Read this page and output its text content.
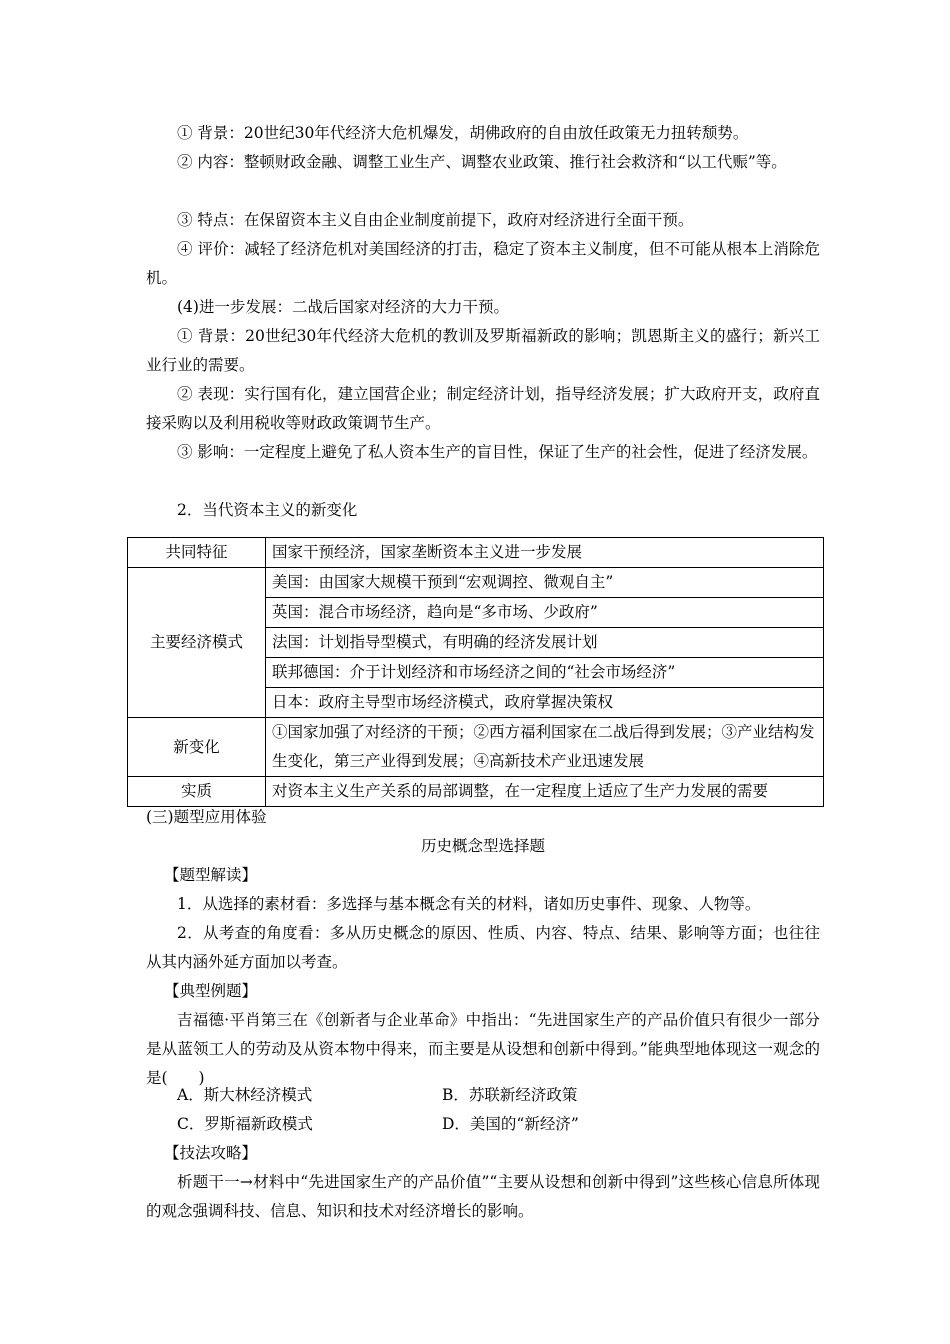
① 背景：20世纪30年代经济大危机爆发，胡佛政府的自由放任政策无力扭转颓势。

② 内容：整顿财政金融、调整工业生产、调整农业政策、推行社会救济和“以工代赈”等。

③ 特点：在保留资本主义自由企业制度前提下，政府对经济进行全面干预。

④ 评价：减轻了经济危机对美国经济的打击，稳定了资本主义制度，但不可能从根本上消除危机。

(4)进一步发展：二战后国家对经济的大力干预。

① 背景：20世纪30年代经济大危机的教训及罗斯福新政的影响；凯恩斯主义的盛行；新兴工业行业的需要。

② 表现：实行国有化，建立国营企业；制定经济计划，指导经济发展；扩大政府开支，政府直接采购以及利用税收等财政政策调节生产。

③ 影响：一定程度上避免了私人资本生产的盲目性，保证了生产的社会性，促进了经济发展。

2．当代资本主义的新变化

共同特征	国家干预经济，国家垄断资本主义进一步发展
主要经济模式	美国：由国家大规模干预到“宏观调控、微观自主”
	英国：混合市场经济，趋向是“多市场、少政府”
	法国：计划指导型模式，有明确的经济发展计划
	联邦德国：介于计划经济和市场经济之间的“社会市场经济”
	日本：政府主导型市场经济模式，政府掌握决策权
新变化	①国家加强了对经济的干预；②西方福利国家在二战后得到发展；③产业结构发生变化，第三产业得到发展；④高新技术产业迅速发展
实质	对资本主义生产关系的局部调整，在一定程度上适应了生产力发展的需要

(三)题型应用体验

历史概念型选择题

【题型解读】

1．从选择的素材看：多选择与基本概念有关的材料，诸如历史事件、现象、人物等。

2．从考查的角度看：多从历史概念的原因、性质、内容、特点、结果、影响等方面；也往往从其内涵外延方面加以考查。

【典型例题】

吉福德·平肖第三在《创新者与企业革命》中指出：“先进国家生产的产品价值只有很少一部分是从蓝领工人的劳动及从资本物中得来，而主要是从设想和创新中得到。”能典型地体现这一观念的是(　　)

A．斯大林经济模式	B．苏联新经济政策

C．罗斯福新政模式	D．美国的“新经济”

【技法攻略】

析题干一→材料中“先进国家生产的产品价值”“主要从设想和创新中得到”这些核心信息所体现的观念强调科技、信息、知识和技术对经济增长的影响。
